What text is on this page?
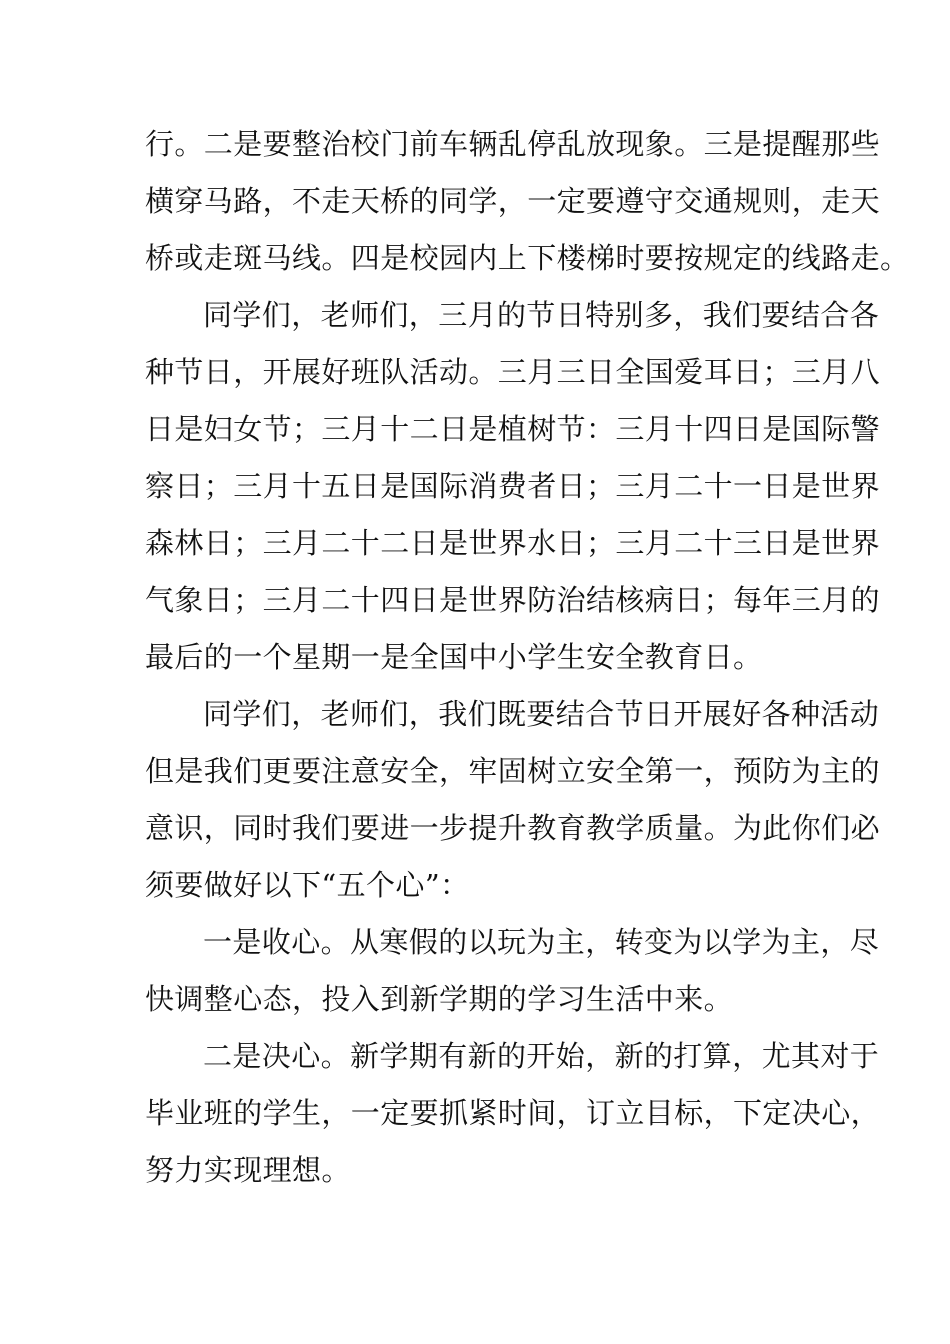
行。二是要整治校门前车辆乱停乱放现象。三是提醒那些
横穿马路，不走天桥的同学，一定要遵守交通规则，走天
桥或走斑马线。四是校园内上下楼梯时要按规定的线路走。
同学们，老师们，三月的节日特别多，我们要结合各
种节日，开展好班队活动。三月三日全国爱耳日；三月八
日是妇女节；三月十二日是植树节：三月十四日是国际警
察日；三月十五日是国际消费者日；三月二十一日是世界
森林日；三月二十二日是世界水日；三月二十三日是世界
气象日；三月二十四日是世界防治结核病日；每年三月的
最后的一个星期一是全国中小学生安全教育日。
同学们，老师们，我们既要结合节日开展好各种活动
但是我们更要注意安全，牢固树立安全第一，预防为主的
意识，同时我们要进一步提升教育教学质量。为此你们必
须要做好以下“五个心”：
一是收心。从寒假的以玩为主，转变为以学为主，尽
快调整心态，投入到新学期的学习生活中来。
二是决心。新学期有新的开始，新的打算，尤其对于
毕业班的学生，一定要抓紧时间，订立目标，下定决心，
努力实现理想。
